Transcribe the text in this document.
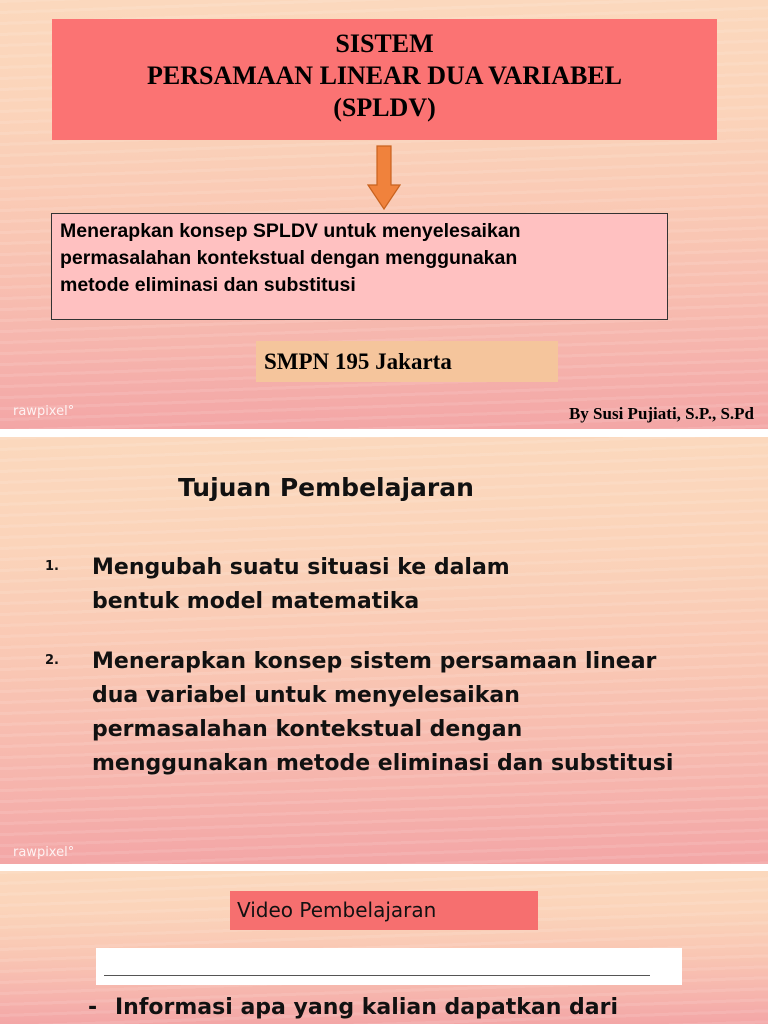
SISTEM
PERSAMAAN LINEAR DUA VARIABEL
(SPLDV)
Menerapkan konsep SPLDV untuk menyelesaikan
permasalahan kontekstual dengan menggunakan
metode eliminasi dan substitusi
SMPN 195 Jakarta
rawpixel°	By Susi Pujiati, S.P., S.Pd
Tujuan Pembelajaran
1. Mengubah suatu situasi ke dalam
bentuk model matematika
2. Menerapkan konsep sistem persamaan linear
dua variabel untuk menyelesaikan
permasalahan kontekstual dengan
menggunakan metode eliminasi dan substitusi
rawpixel°
Video Pembelajaran
- Informasi apa yang kalian dapatkan dari
